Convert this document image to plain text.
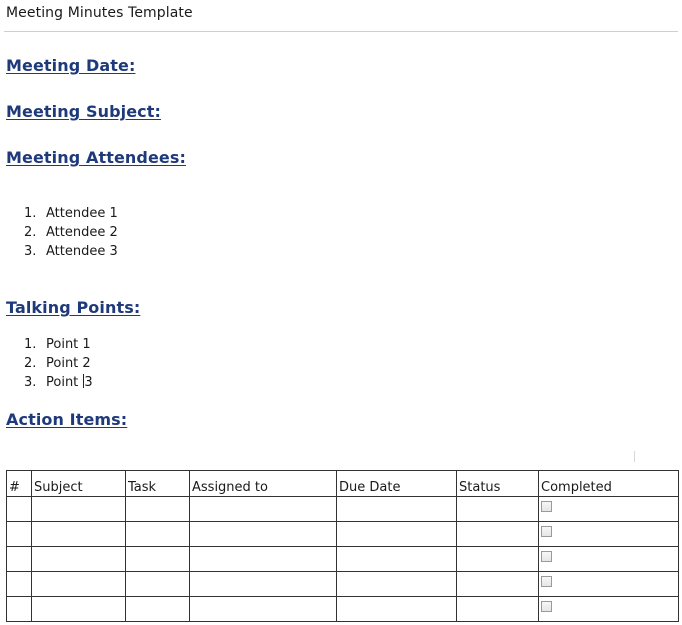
Meeting Minutes Template
Meeting Date:
Meeting Subject:
Meeting Attendees:
1. Attendee 1
2. Attendee 2
3. Attendee 3
Talking Points:
1. Point 1
2. Point 2
3. Point 3
Action Items:
#	Subject	Task	Assigned to	Due Date	Status	Completed
